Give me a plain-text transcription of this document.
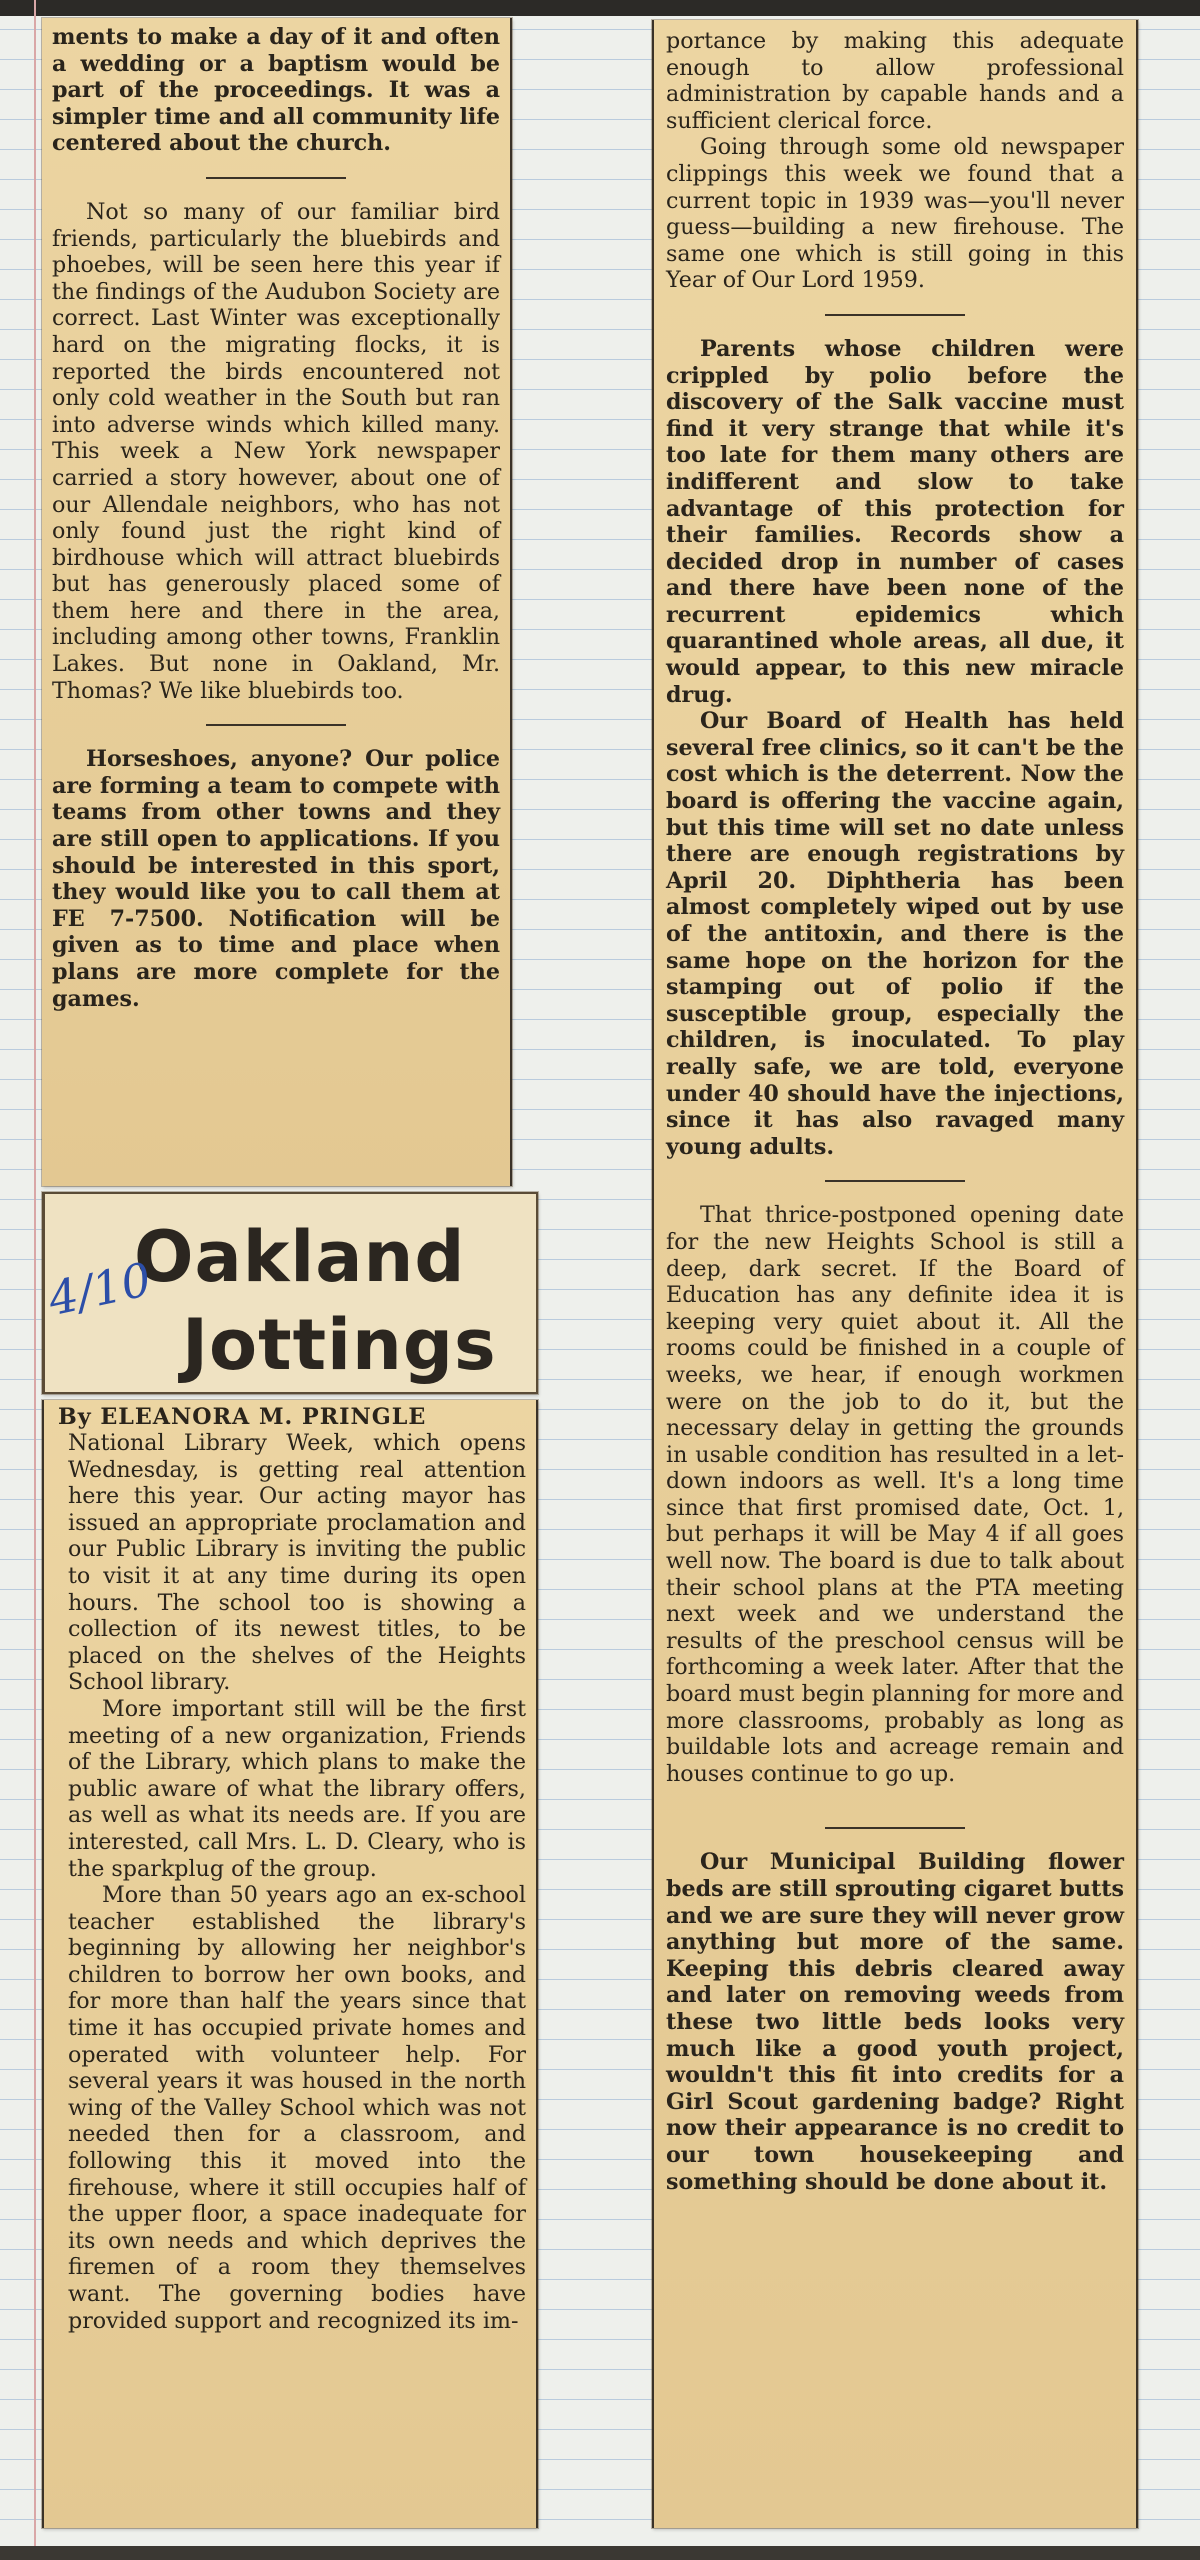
ments to make a day of it and often a wedding or a baptism would be part of the proceedings. It was a simpler time and all community life centered about the church.

Not so many of our familiar bird friends, particularly the bluebirds and phoebes, will be seen here this year if the findings of the Audubon Society are correct. Last Winter was exceptionally hard on the migrating flocks, it is reported the birds encountered not only cold weather in the South but ran into adverse winds which killed many. This week a New York newspaper carried a story however, about one of our Allendale neighbors, who has not only found just the right kind of birdhouse which will attract bluebirds but has generously placed some of them here and there in the area, including among other towns, Franklin Lakes. But none in Oakland, Mr. Thomas? We like bluebirds too.

Horseshoes, anyone? Our police are forming a team to compete with teams from other towns and they are still open to applications. If you should be interested in this sport, they would like you to call them at FE 7-7500. Notification will be given as to time and place when plans are more complete for the games.

Oakland
Jottings
4/10
By ELEANORA M. PRINGLE

National Library Week, which opens Wednesday, is getting real attention here this year. Our acting mayor has issued an appropriate proclamation and our Public Library is inviting the public to visit it at any time during its open hours. The school too is showing a collection of its newest titles, to be placed on the shelves of the Heights School library.

More important still will be the first meeting of a new organization, Friends of the Library, which plans to make the public aware of what the library offers, as well as what its needs are. If you are interested, call Mrs. L. D. Cleary, who is the sparkplug of the group.

More than 50 years ago an ex-school teacher established the library's beginning by allowing her neighbor's children to borrow her own books, and for more than half the years since that time it has occupied private homes and operated with volunteer help. For several years it was housed in the north wing of the Valley School which was not needed then for a classroom, and following this it moved into the firehouse, where it still occupies half of the upper floor, a space inadequate for its own needs and which deprives the firemen of a room they themselves want. The governing bodies have provided support and recognized its im-

portance by making this adequate enough to allow professional administration by capable hands and a sufficient clerical force.

Going through some old newspaper clippings this week we found that a current topic in 1939 was—you'll never guess—building a new firehouse. The same one which is still going in this Year of Our Lord 1959.

Parents whose children were crippled by polio before the discovery of the Salk vaccine must find it very strange that while it's too late for them many others are indifferent and slow to take advantage of this protection for their families. Records show a decided drop in number of cases and there have been none of the recurrent epidemics which quarantined whole areas, all due, it would appear, to this new miracle drug.

Our Board of Health has held several free clinics, so it can't be the cost which is the deterrent. Now the board is offering the vaccine again, but this time will set no date unless there are enough registrations by April 20. Diphtheria has been almost completely wiped out by use of the antitoxin, and there is the same hope on the horizon for the stamping out of polio if the susceptible group, especially the children, is inoculated. To play really safe, we are told, everyone under 40 should have the injections, since it has also ravaged many young adults.

That thrice-postponed opening date for the new Heights School is still a deep, dark secret. If the Board of Education has any definite idea it is keeping very quiet about it. All the rooms could be finished in a couple of weeks, we hear, if enough workmen were on the job to do it, but the necessary delay in getting the grounds in usable condition has resulted in a let-down indoors as well. It's a long time since that first promised date, Oct. 1, but perhaps it will be May 4 if all goes well now. The board is due to talk about their school plans at the PTA meeting next week and we understand the results of the preschool census will be forthcoming a week later. After that the board must begin planning for more and more classrooms, probably as long as buildable lots and acreage remain and houses continue to go up.

Our Municipal Building flower beds are still sprouting cigaret butts and we are sure they will never grow anything but more of the same. Keeping this debris cleared away and later on removing weeds from these two little beds looks very much like a good youth project, wouldn't this fit into credits for a Girl Scout gardening badge? Right now their appearance is no credit to our town housekeeping and something should be done about it.
